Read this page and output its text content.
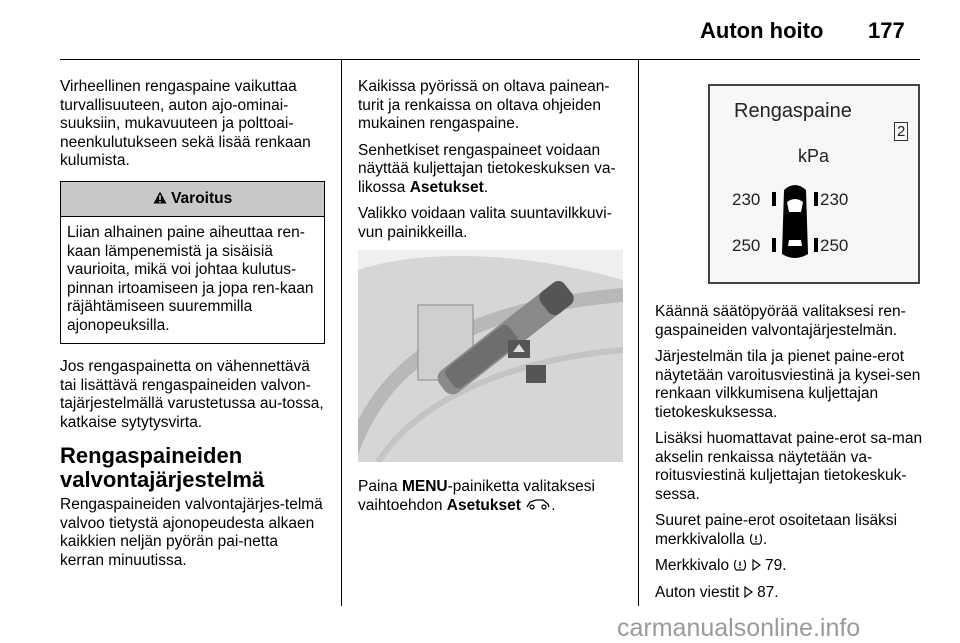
Auton hoito 177

Virheellinen rengaspaine vaikuttaa turvallisuuteen, auton ajo-ominai-suuksiin, mukavuuteen ja polttoai-neenkulutukseen sekä lisää renkaan kulumista.

Varoitus
Liian alhainen paine aiheuttaa ren-kaan lämpenemistä ja sisäisiä vaurioita, mikä voi johtaa kulutus-pinnan irtoamiseen ja jopa ren-kaan räjähtämiseen suuremmilla ajonopeuksilla.

Jos rengaspainetta on vähennettävä tai lisättävä rengaspaineiden valvon-tajärjestelmällä varustetussa au-tossa, katkaise sytytysvirta.

Rengaspaineiden valvontajärjestelmä

Rengaspaineiden valvontajärjes-telmä valvoo tietystä ajonopeudesta alkaen kaikkien neljän pyörän pai-netta kerran minuutissa.

Kaikissa pyörissä on oltava painean-turit ja renkaissa on oltava ohjeiden mukainen rengaspaine.

Senhetkiset rengaspaineet voidaan näyttää kuljettajan tietokeskuksen va-likossa Asetukset.

Valikko voidaan valita suuntavilkkuvi-vun painikkeilla.

Paina MENU-painiketta valitaksesi vaihtoehdon Asetukset .

Rengaspaine
2
kPa
230	230
250	250

Käännä säätöpyörää valitaksesi ren-gaspaineiden valvontajärjestelmän.

Järjestelmän tila ja pienet paine-erot näytetään varoitusviestinä ja kysei-sen renkaan vilkkumisena kuljettajan tietokeskuksessa.

Lisäksi huomattavat paine-erot sa-man akselin renkaissa näytetään va-roitusviestinä kuljettajan tietokeskuk-sessa.

Suuret paine-erot osoitetaan lisäksi merkkivalolla .

Merkkivalo 79.

Auton viestit 87.

carmanualsonline.info
